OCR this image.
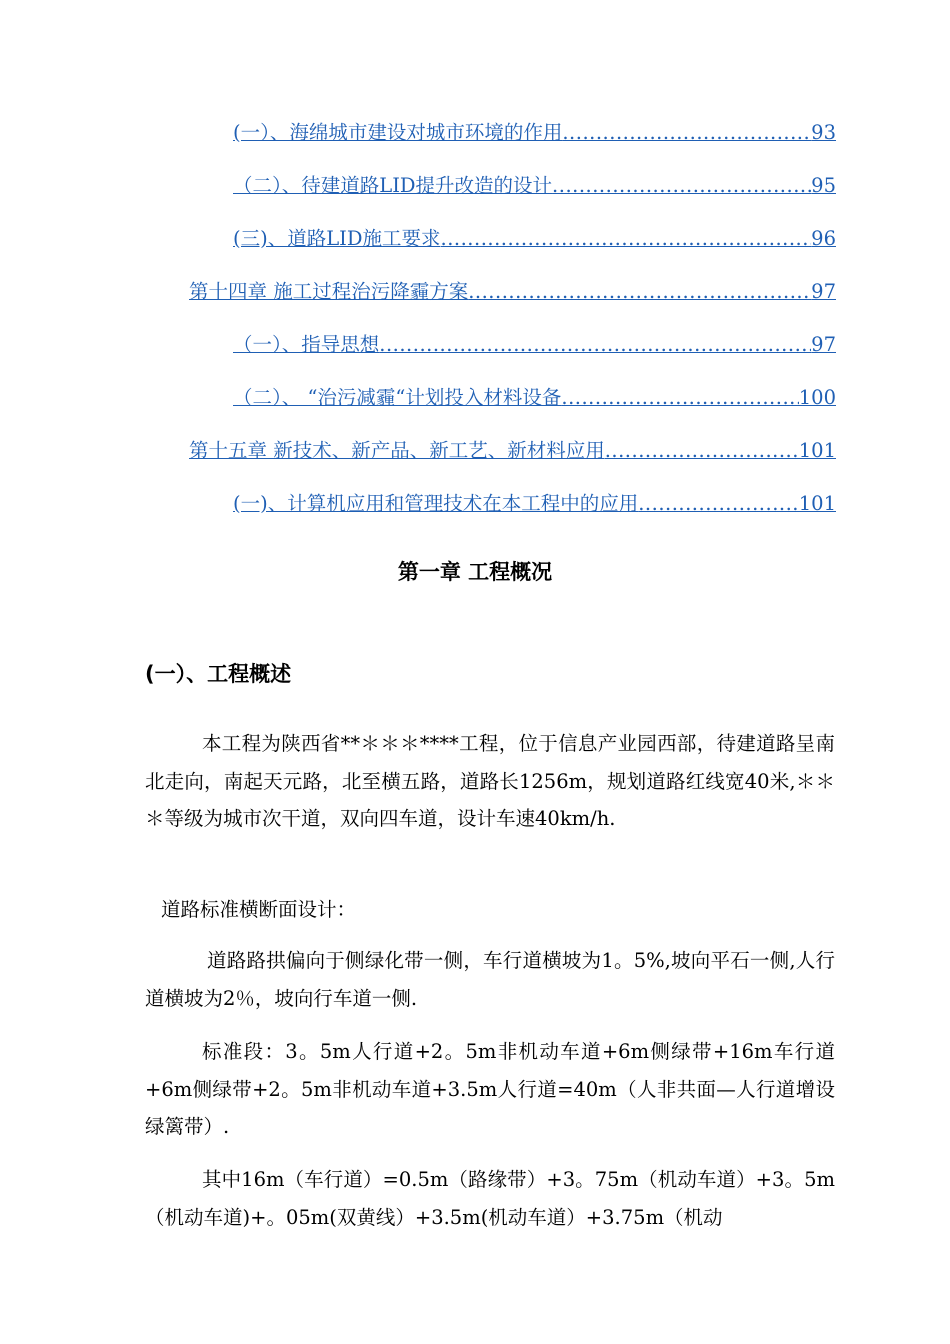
(一）、海绵城市建设对城市环境的作用 .....	93
（二）、待建道路LID提升改造的设计 .....	95
(三)、道路LID施工要求 .....	96
第十四章 施工过程治污降霾方案 .....	97
（一）、指导思想 .....	97
（二）、 “治污减霾“计划投入材料设备 .....	100
第十五章 新技术、新产品、新工艺、新材料应用 .....	101
(一)、计算机应用和管理技术在本工程中的应用 .....	101
第一章 工程概况
(一）、工程概述

本工程为陕西省**＊＊＊****工程，位于信息产业园西部，待建道路呈南北走向，南起天元路，北至横五路，道路长1256m，规划道路红线宽40米,＊＊＊等级为城市次干道，双向四车道，设计车速40km/h.

道路标准横断面设计：

道路路拱偏向于侧绿化带一侧，车行道横坡为1。5%,坡向平石一侧,人行道横坡为2％，坡向行车道一侧.

标准段：3。5m人行道+2。5m非机动车道+6m侧绿带+16m车行道+6m侧绿带+2。5m非机动车道+3.5m人行道=40m（人非共面—人行道增设绿篱带）.

其中16m（车行道）=0.5m（路缘带）+3。75m（机动车道）+3。5m（机动车道)+。05m(双黄线）+3.5m(机动车道）+3.75m（机动
